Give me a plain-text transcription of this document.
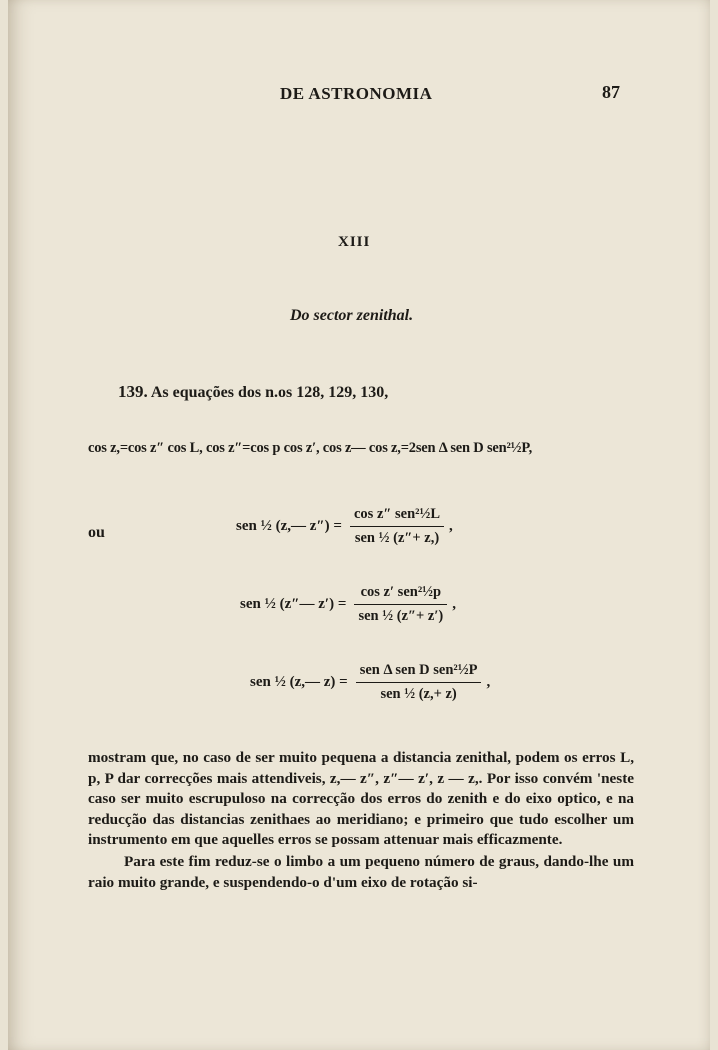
DE ASTRONOMIA	87
XIII
Do sector zenithal.
139. As equações dos n.os 128, 129, 130,
cos z,=cos z″ cos L, cos z″=cos p cos z′, cos z— cos z,=2sen Δ sen D sen²½P,
ou	sen ½ (z,— $z'') = \frac{\text{cos z″ sen²½L}}{\text{sen ½ (z″+ z,)}}$ ,
sen ½ (z″— $z') = \frac{\text{cos z′ sen²½p}}{\text{sen ½ (z″+ z′)}}$ ,
sen ½ (z,— $z) = \frac{\text{sen Δ sen D sen²½P}}{\text{sen ½ (z,+ z)}}$ ,

mostram que, no caso de ser muito pequena a distancia zenithal, podem os erros L, p, P dar correcções mais attendiveis, z,— z″, z″— z′, z — z,. Por isso convém 'neste caso ser muito escrupuloso na correcção dos erros do zenith e do eixo optico, e na reducção das distancias zenithaes ao meridiano; e primeiro que tudo escolher um instrumento em que aquelles erros se possam attenuar mais efficazmente.

Para este fim reduz-se o limbo a um pequeno número de graus, dando-lhe um raio muito grande, e suspendendo-o d'um eixo de rotação si-
